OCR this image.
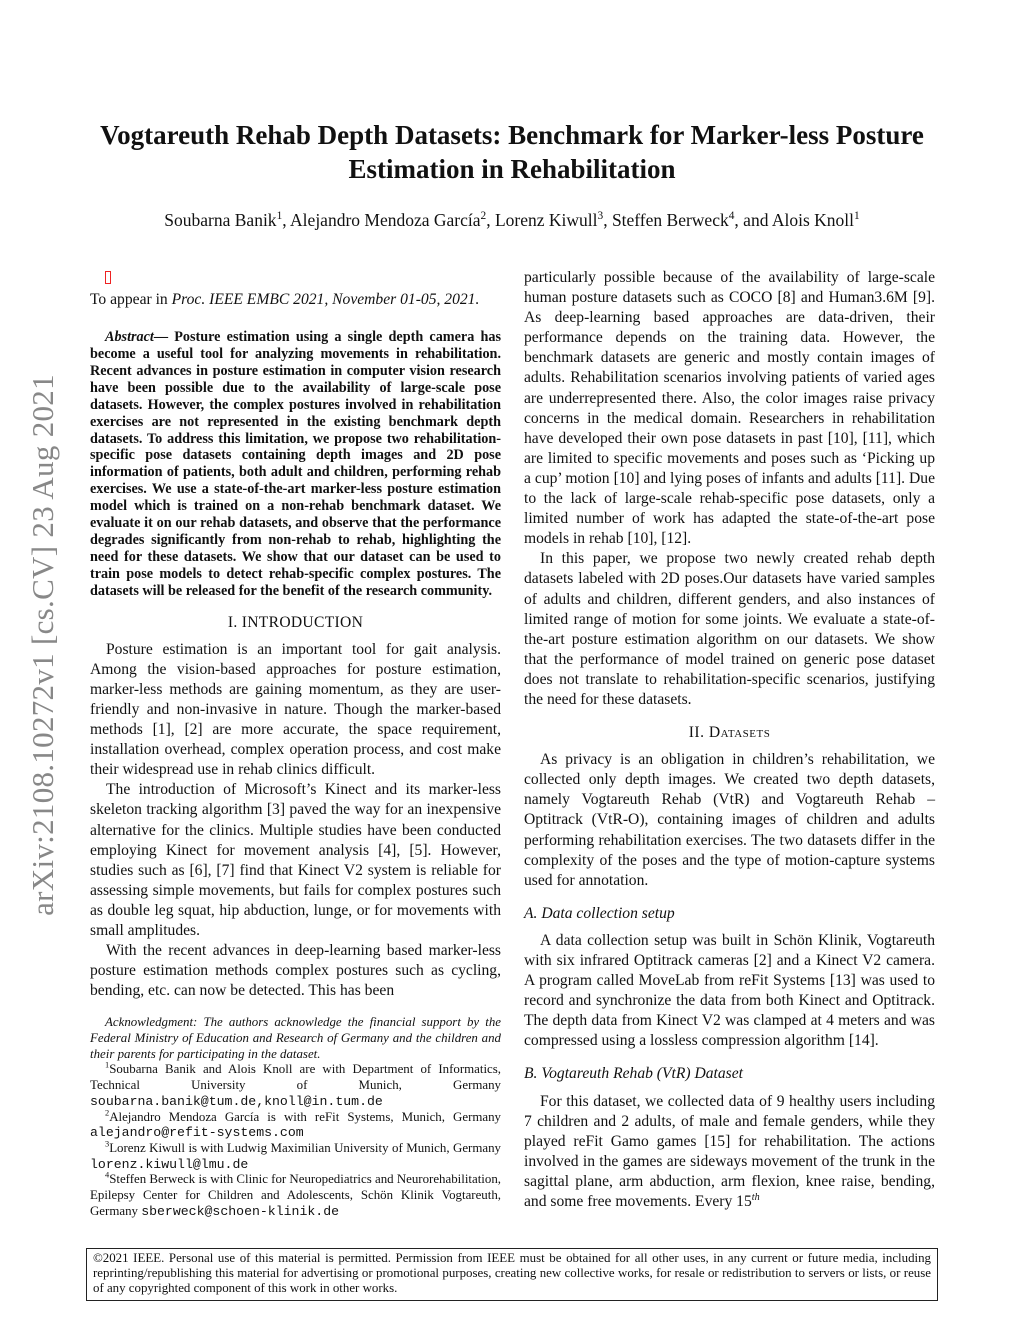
arXiv:2108.10272v1 [cs.CV] 23 Aug 2021
Vogtareuth Rehab Depth Datasets: Benchmark for Marker-less Posture Estimation in Rehabilitation
Soubarna Banik$^1$, Alejandro Mendoza García$^2$, Lorenz Kiwull$^3$, Steffen Berweck$^4$, and Alois Knoll$^1$
To appear in Proc. IEEE EMBC 2021, November 01-05, 2021.
Abstract— Posture estimation using a single depth camera has become a useful tool for analyzing movements in rehabilitation. Recent advances in posture estimation in computer vision research have been possible due to the availability of large-scale pose datasets. However, the complex postures involved in rehabilitation exercises are not represented in the existing benchmark depth datasets. To address this limitation, we propose two rehabilitation-specific pose datasets containing depth images and 2D pose information of patients, both adult and children, performing rehab exercises. We use a state-of-the-art marker-less posture estimation model which is trained on a non-rehab benchmark dataset. We evaluate it on our rehab datasets, and observe that the performance degrades significantly from non-rehab to rehab, highlighting the need for these datasets. We show that our dataset can be used to train pose models to detect rehab-specific complex postures. The datasets will be released for the benefit of the research community.
I. INTRODUCTION

Posture estimation is an important tool for gait analysis. Among the vision-based approaches for posture estimation, marker-less methods are gaining momentum, as they are user-friendly and non-invasive in nature. Though the marker-based methods [1], [2] are more accurate, the space requirement, installation overhead, complex operation process, and cost make their widespread use in rehab clinics difficult.

The introduction of Microsoft’s Kinect and its marker-less skeleton tracking algorithm [3] paved the way for an inexpensive alternative for the clinics. Multiple studies have been conducted employing Kinect for movement analysis [4], [5]. However, studies such as [6], [7] find that Kinect V2 system is reliable for assessing simple movements, but fails for complex postures such as double leg squat, hip abduction, lunge, or for movements with small amplitudes.

With the recent advances in deep-learning based marker-less posture estimation methods complex postures such as cycling, bending, etc. can now be detected. This has been

Acknowledgment: The authors acknowledge the financial support by the Federal Ministry of Education and Research of Germany and the children and their parents for participating in the dataset.

$^1$Soubarna Banik and Alois Knoll are with Department of Informatics, Technical University of Munich, Germany soubarna.banik@tum.de,knoll@in.tum.de

$^2$Alejandro Mendoza García is with reFit Systems, Munich, Germany alejandro@refit-systems.com

$^3$Lorenz Kiwull is with Ludwig Maximilian University of Munich, Germany lorenz.kiwull@lmu.de

$^4$Steffen Berweck is with Clinic for Neuropediatrics and Neurorehabilitation, Epilepsy Center for Children and Adolescents, Schön Klinik Vogtareuth, Germany sberweck@schoen-klinik.de

particularly possible because of the availability of large-scale human posture datasets such as COCO [8] and Human3.6M [9]. As deep-learning based approaches are data-driven, their performance depends on the training data. However, the benchmark datasets are generic and mostly contain images of adults. Rehabilitation scenarios involving patients of varied ages are underrepresented there. Also, the color images raise privacy concerns in the medical domain. Researchers in rehabilitation have developed their own pose datasets in past [10], [11], which are limited to specific movements and poses such as ‘Picking up a cup’ motion [10] and lying poses of infants and adults [11]. Due to the lack of large-scale rehab-specific pose datasets, only a limited number of work has adapted the state-of-the-art pose models in rehab [10], [12].

In this paper, we propose two newly created rehab depth datasets labeled with 2D poses.Our datasets have varied samples of adults and children, different genders, and also instances of limited range of motion for some joints. We evaluate a state-of-the-art posture estimation algorithm on our datasets. We show that the performance of model trained on generic pose dataset does not translate to rehabilitation-specific scenarios, justifying the need for these datasets.

II. Datasets

As privacy is an obligation in children’s rehabilitation, we collected only depth images. We created two depth datasets, namely Vogtareuth Rehab (VtR) and Vogtareuth Rehab – Optitrack (VtR-O), containing images of children and adults performing rehabilitation exercises. The two datasets differ in the complexity of the poses and the type of motion-capture systems used for annotation.

A. Data collection setup

A data collection setup was built in Schön Klinik, Vogtareuth with six infrared Optitrack cameras [2] and a Kinect V2 camera. A program called MoveLab from reFit Systems [13] was used to record and synchronize the data from both Kinect and Optitrack. The depth data from Kinect V2 was clamped at 4 meters and was compressed using a lossless compression algorithm [14].

B. Vogtareuth Rehab (VtR) Dataset

For this dataset, we collected data of 9 healthy users including 7 children and 2 adults, of male and female genders, while they played reFit Gamo games [15] for rehabilitation. The actions involved in the games are sideways movement of the trunk in the sagittal plane, arm abduction, arm flexion, knee raise, bending, and some free movements. Every 15th

©2021 IEEE. Personal use of this material is permitted. Permission from IEEE must be obtained for all other uses, in any current or future media, including reprinting/republishing this material for advertising or promotional purposes, creating new collective works, for resale or redistribution to servers or lists, or reuse of any copyrighted component of this work in other works.
